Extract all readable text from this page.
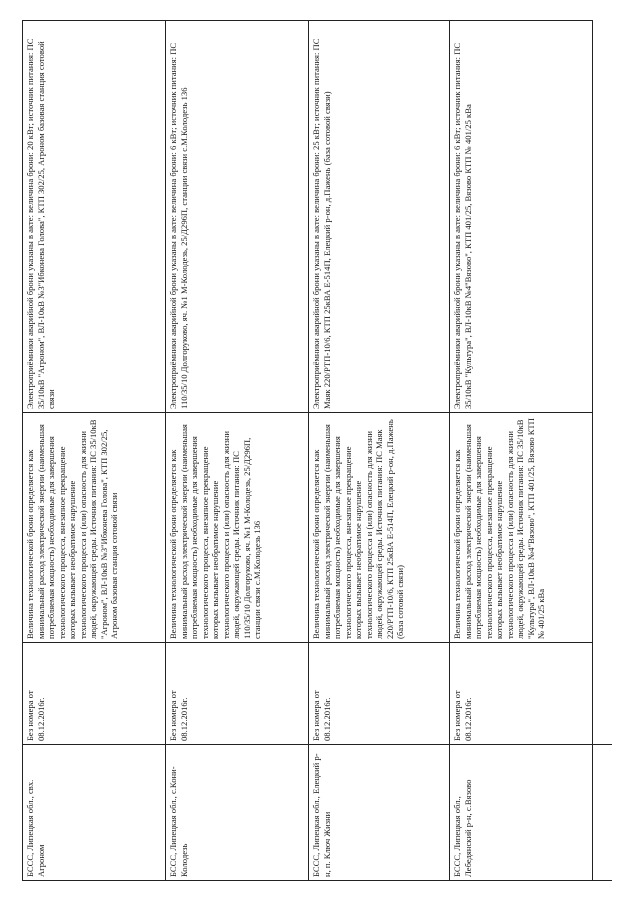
БССС, Липецкая обл., свх. Агроном	Без номера от 08.12.2016г.	Величина технологической брони определяется как минимальный расход электрической энергии (наименьшая потребляемая мощность) необходимые для завершения технологического процесса, внезапное прекращение которых вызывает необратимое нарушение технологического процесса и (или) опасность для жизни людей, окружающей среды. Источник питания: ПС 35/10кВ "Агроном", ВЛ-10кВ №3"Ибконева Голова", КТП 302/25, Агроном базовая станция сотовой связи	Электроприёмники аварийной брони указаны в акте: величина брони: 20 кВт; источник питания: ПС 35/10кВ "Агроном", ВЛ-10кВ №3"Ибконева Голова", КТП 302/25, Агроном базовая станция сотовой связи
БССС, Липецкая обл., с.Кони-Колодезь	Без номера от 08.12.2016г.	Величина технологической брони определяется как минимальный расход электрической энергии (наименьшая потребляемая мощность) необходимые для завершения технологического процесса, внезапное прекращение которых вызывает необратимое нарушение технологического процесса и (или) опасность для жизни людей, окружающей среды. Источник питания: ПС 110/35/10 Долгоруково, яч. №1 М-Колодезь, 25/Д296П, станции связи с.М.Колодезь 136	Электроприёмники аварийной брони указаны в акте: величина брони: 6 кВт; источник питания: ПС 110/35/10 Долгоруково, яч. №1 М-Колодезь, 25/Д296П, станции связи с.М.Колодезь 136
БССС, Липецкая обл., Елецкий р-н, п. Ключ Жизни	Без номера от 08.12.2016г.	Величина технологической брони определяется как минимальный расход электрической энергии (наименьшая потребляемая мощность) необходимые для завершения технологического процесса, внезапное прекращение которых вызывает необратимое нарушение технологического процесса и (или) опасность для жизни людей, окружающей среды. Источник питания: ПС Маяк 220/РТП-10/6, КТП 25кВА Е-514П, Елецкий р-он, д.Пажень (база сотовой связи)	Электроприёмники аварийной брони указаны в акте: величина брони: 25 кВт; источник питания: ПС Маяк 220/РТП-10/6, КТП 25кВА Е-514П, Елецкий р-он, д.Пажень (база сотовой связи)
БССС, Липецкая обл., Лебедянский р-н, с.Вязово	Без номера от 08.12.2016г.	Величина технологической брони определяется как минимальный расход электрической энергии (наименьшая потребляемая мощность) необходимые для завершения технологического процесса, внезапное прекращение которых вызывает необратимое нарушение технологического процесса и (или) опасность для жизни людей, окружающей среды. Источник питания: ПС 35/10кВ "Культура", ВЛ-10кВ №4"Вязово", КТП 401/25, Вязово КТП № 401/25 кВа	Электроприёмники аварийной брони указаны в акте: величина брони: 6 кВт; источник питания: ПС 35/10кВ "Культура", ВЛ-10кВ №4"Вязово", КТП 401/25, Вязово КТП № 401/25 кВа
